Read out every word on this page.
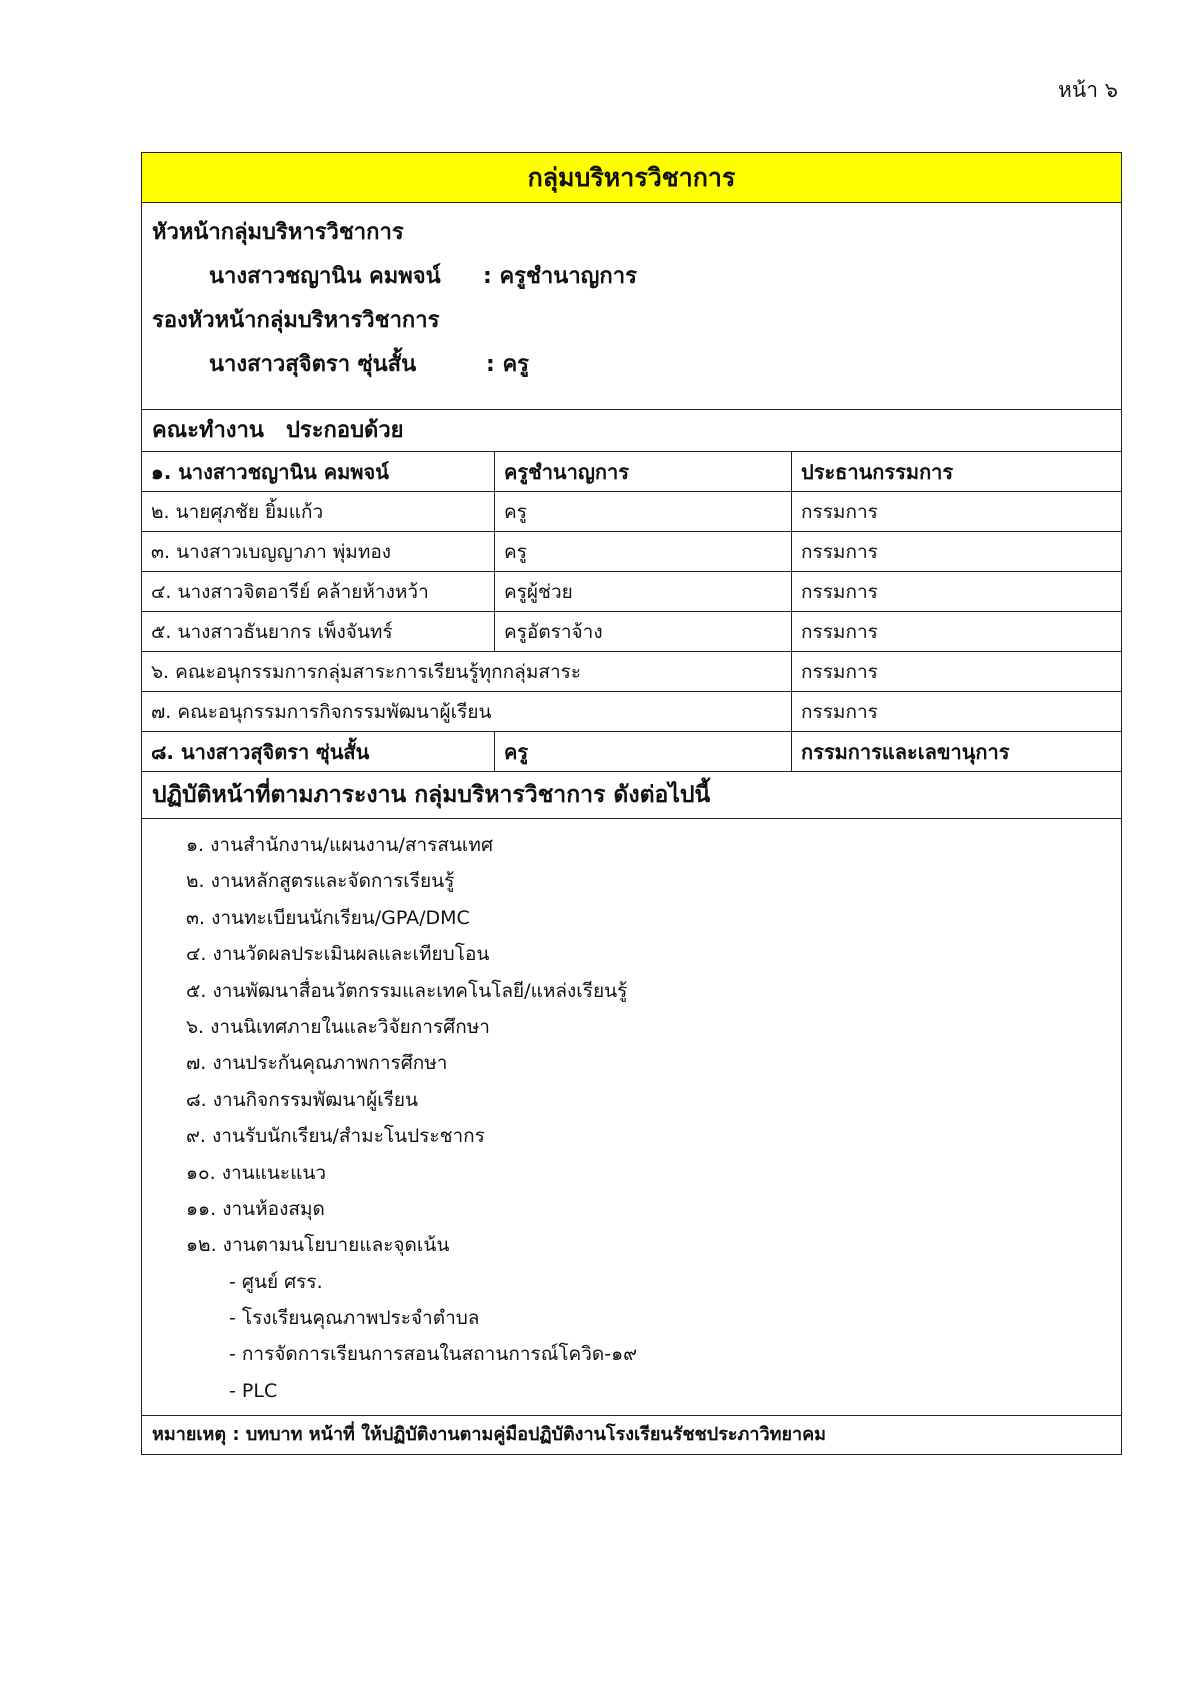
หน้า ๖
กลุ่มบริหารวิชาการ
หัวหน้ากลุ่มบริหารวิชาการ
นางสาวชญานิน คมพจน์ : ครูชำนาญการ
รองหัวหน้ากลุ่มบริหารวิชาการ
นางสาวสุจิตรา ซุ่นสั้น	: ครู
คณะทำงาน ประกอบด้วย
๑. นางสาวชญานิน คมพจน์	ครูชำนาญการ	ประธานกรรมการ
๒. นายศุภชัย ยิ้มแก้ว	ครู	กรรมการ
๓. นางสาวเบญญาภา พุ่มทอง	ครู	กรรมการ
๔. นางสาวจิตอารีย์ คล้ายห้างหว้า	ครูผู้ช่วย	กรรมการ
๕. นางสาวธันยากร เพ็งจันทร์	ครูอัตราจ้าง	กรรมการ
๖. คณะอนุกรรมการกลุ่มสาระการเรียนรู้ทุกกลุ่มสาระ		กรรมการ
๗. คณะอนุกรรมการกิจกรรมพัฒนาผู้เรียน		กรรมการ
๘. นางสาวสุจิตรา ซุ่นสั้น	ครู	กรรมการและเลขานุการ
ปฏิบัติหน้าที่ตามภาระงาน กลุ่มบริหารวิชาการ ดังต่อไปนี้
๑. งานสำนักงาน/แผนงาน/สารสนเทศ
๒. งานหลักสูตรและจัดการเรียนรู้
๓. งานทะเบียนนักเรียน/GPA/DMC
๔. งานวัดผลประเมินผลและเทียบโอน
๕. งานพัฒนาสื่อนวัตกรรมและเทคโนโลยี/แหล่งเรียนรู้
๖. งานนิเทศภายในและวิจัยการศึกษา
๗. งานประกันคุณภาพการศึกษา
๘. งานกิจกรรมพัฒนาผู้เรียน
๙. งานรับนักเรียน/สำมะโนประชากร
๑๐. งานแนะแนว
๑๑. งานห้องสมุด
๑๒. งานตามนโยบายและจุดเน้น
- ศูนย์ ศรร.
- โรงเรียนคุณภาพประจำตำบล
- การจัดการเรียนการสอนในสถานการณ์โควิด-๑๙
- PLC
หมายเหตุ : บทบาท หน้าที่ ให้ปฏิบัติงานตามคู่มือปฏิบัติงานโรงเรียนรัชชประภาวิทยาคม
